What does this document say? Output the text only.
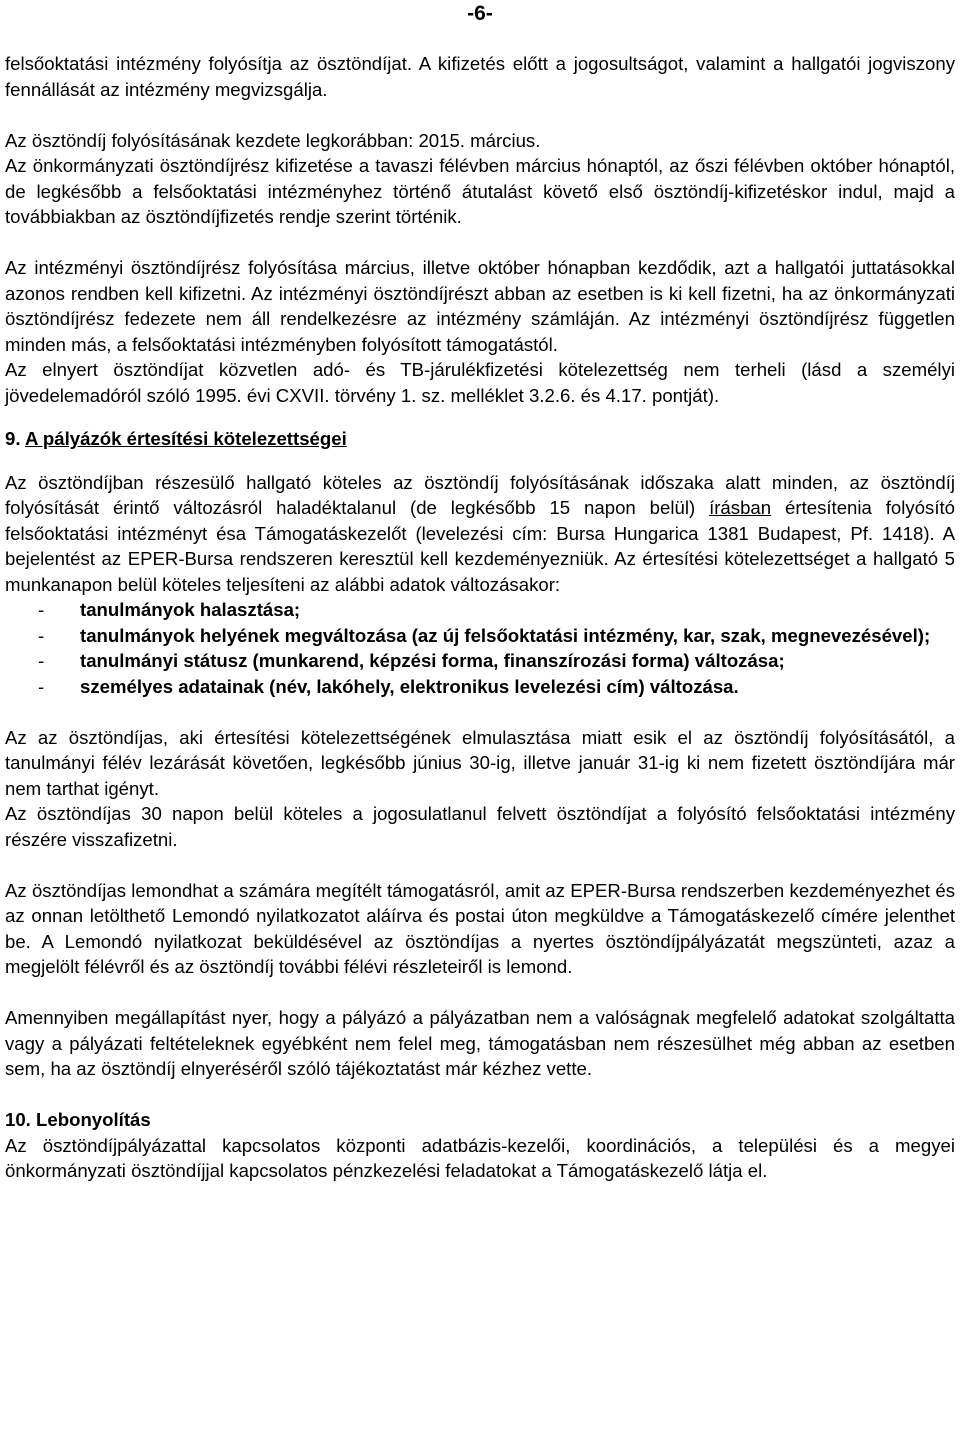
-6-

felsőoktatási intézmény folyósítja az ösztöndíjat. A kifizetés előtt a jogosultságot, valamint a hallgatói jogviszony fennállását az intézmény megvizsgálja.

Az ösztöndíj folyósításának kezdete legkorábban: 2015. március.

Az önkormányzati ösztöndíjrész kifizetése a tavaszi félévben március hónaptól, az őszi félévben október hónaptól, de legkésőbb a felsőoktatási intézményhez történő átutalást követő első ösztöndíj-kifizetéskor indul, majd a továbbiakban az ösztöndíjfizetés rendje szerint történik.

Az intézményi ösztöndíjrész folyósítása március, illetve október hónapban kezdődik, azt a hallgatói juttatásokkal azonos rendben kell kifizetni. Az intézményi ösztöndíjrészt abban az esetben is ki kell fizetni, ha az önkormányzati ösztöndíjrész fedezete nem áll rendelkezésre az intézmény számláján. Az intézményi ösztöndíjrész független minden más, a felsőoktatási intézményben folyósított támogatástól.

Az elnyert ösztöndíjat közvetlen adó- és TB-járulékfizetési kötelezettség nem terheli (lásd a személyi jövedelemadóról szóló 1995. évi CXVII. törvény 1. sz. melléklet 3.2.6. és 4.17. pontját).

9. A pályázók értesítési kötelezettségei

Az ösztöndíjban részesülő hallgató köteles az ösztöndíj folyósításának időszaka alatt minden, az ösztöndíj folyósítását érintő változásról haladéktalanul (de legkésőbb 15 napon belül) írásban értesítenia folyósító felsőoktatási intézményt ésa Támogatáskezelőt (levelezési cím: Bursa Hungarica 1381 Budapest, Pf. 1418). A bejelentést az EPER-Bursa rendszeren keresztül kell kezdeményezniük. Az értesítési kötelezettséget a hallgató 5 munkanapon belül köteles teljesíteni az alábbi adatok változásakor:

- tanulmányok halasztása;
- tanulmányok helyének megváltozása (az új felsőoktatási intézmény, kar, szak, megnevezésével);
- tanulmányi státusz (munkarend, képzési forma, finanszírozási forma) változása;
- személyes adatainak (név, lakóhely, elektronikus levelezési cím) változása.

Az az ösztöndíjas, aki értesítési kötelezettségének elmulasztása miatt esik el az ösztöndíj folyósításától, a tanulmányi félév lezárását követően, legkésőbb június 30-ig, illetve január 31-ig ki nem fizetett ösztöndíjára már nem tarthat igényt.

Az ösztöndíjas 30 napon belül köteles a jogosulatlanul felvett ösztöndíjat a folyósító felsőoktatási intézmény részére visszafizetni.

Az ösztöndíjas lemondhat a számára megítélt támogatásról, amit az EPER-Bursa rendszerben kezdeményezhet és az onnan letölthető Lemondó nyilatkozatot aláírva és postai úton megküldve a Támogatáskezelő címére jelenthet be. A Lemondó nyilatkozat beküldésével az ösztöndíjas a nyertes ösztöndíjpályázatát megszünteti, azaz a megjelölt félévről és az ösztöndíj további félévi részleteiről is lemond.

Amennyiben megállapítást nyer, hogy a pályázó a pályázatban nem a valóságnak megfelelő adatokat szolgáltatta vagy a pályázati feltételeknek egyébként nem felel meg, támogatásban nem részesülhet még abban az esetben sem, ha az ösztöndíj elnyeréséről szóló tájékoztatást már kézhez vette.

10. Lebonyolítás

Az ösztöndíjpályázattal kapcsolatos központi adatbázis-kezelői, koordinációs, a települési és a megyei önkormányzati ösztöndíjjal kapcsolatos pénzkezelési feladatokat a Támogatáskezelő látja el.
